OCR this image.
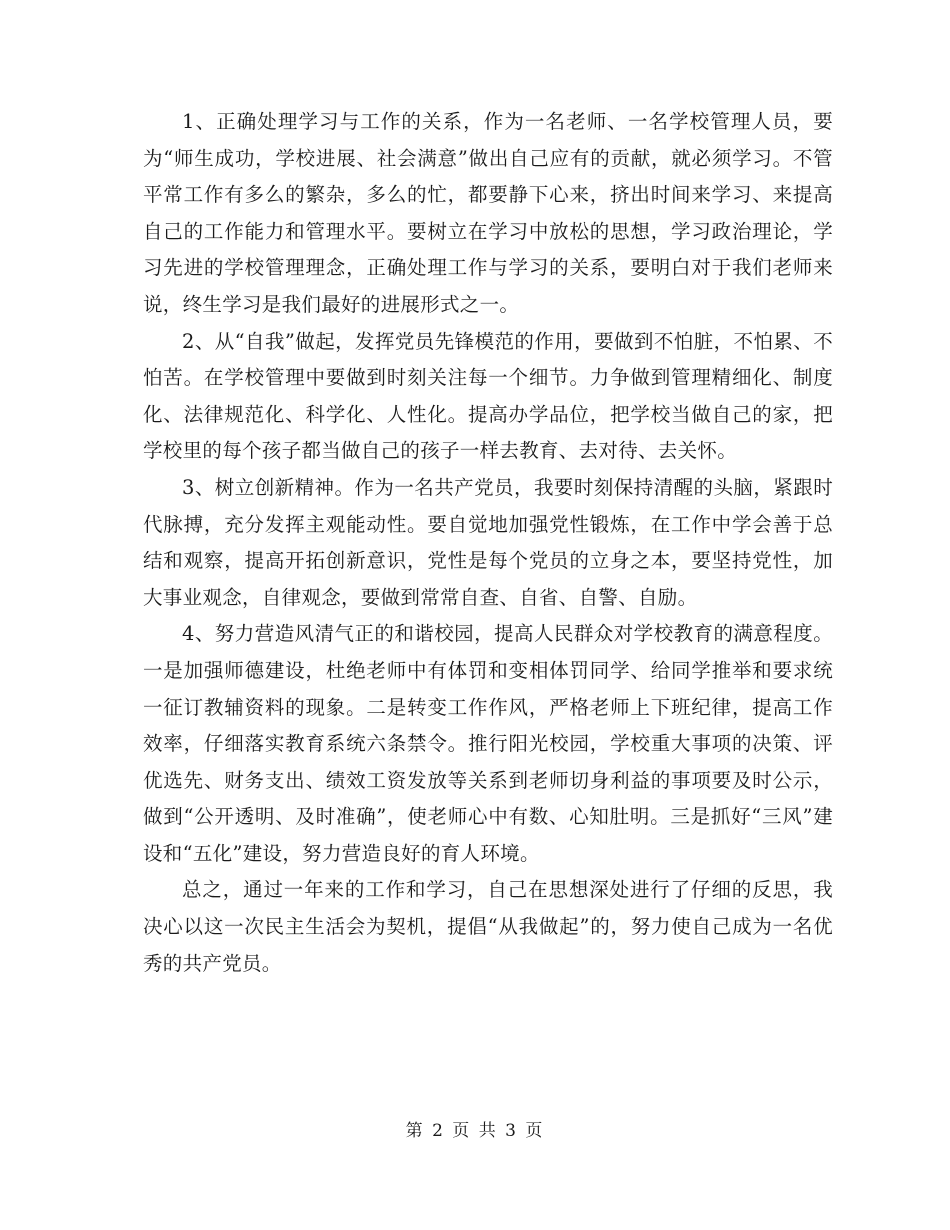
1、正确处理学习与工作的关系，作为一名老师、一名学校管理人员，要为“师生成功，学校进展、社会满意”做出自己应有的贡献，就必须学习。不管平常工作有多么的繁杂，多么的忙，都要静下心来，挤出时间来学习、来提高自己的工作能力和管理水平。要树立在学习中放松的思想，学习政治理论，学习先进的学校管理理念，正确处理工作与学习的关系，要明白对于我们老师来说，终生学习是我们最好的进展形式之一。

2、从“自我”做起，发挥党员先锋模范的作用，要做到不怕脏，不怕累、不怕苦。在学校管理中要做到时刻关注每一个细节。力争做到管理精细化、制度化、法律规范化、科学化、人性化。提高办学品位，把学校当做自己的家，把学校里的每个孩子都当做自己的孩子一样去教育、去对待、去关怀。

3、树立创新精神。作为一名共产党员，我要时刻保持清醒的头脑，紧跟时代脉搏，充分发挥主观能动性。要自觉地加强党性锻炼，在工作中学会善于总结和观察，提高开拓创新意识，党性是每个党员的立身之本，要坚持党性，加大事业观念，自律观念，要做到常常自查、自省、自警、自励。

4、努力营造风清气正的和谐校园，提高人民群众对学校教育的满意程度。一是加强师德建设，杜绝老师中有体罚和变相体罚同学、给同学推举和要求统一征订教辅资料的现象。二是转变工作作风，严格老师上下班纪律，提高工作效率，仔细落实教育系统六条禁令。推行阳光校园，学校重大事项的决策、评优选先、财务支出、绩效工资发放等关系到老师切身利益的事项要及时公示，做到“公开透明、及时准确”，使老师心中有数、心知肚明。三是抓好“三风”建设和“五化”建设，努力营造良好的育人环境。

总之，通过一年来的工作和学习，自己在思想深处进行了仔细的反思，我决心以这一次民主生活会为契机，提倡“从我做起”的，努力使自己成为一名优秀的共产党员。

第 2 页 共 3 页
